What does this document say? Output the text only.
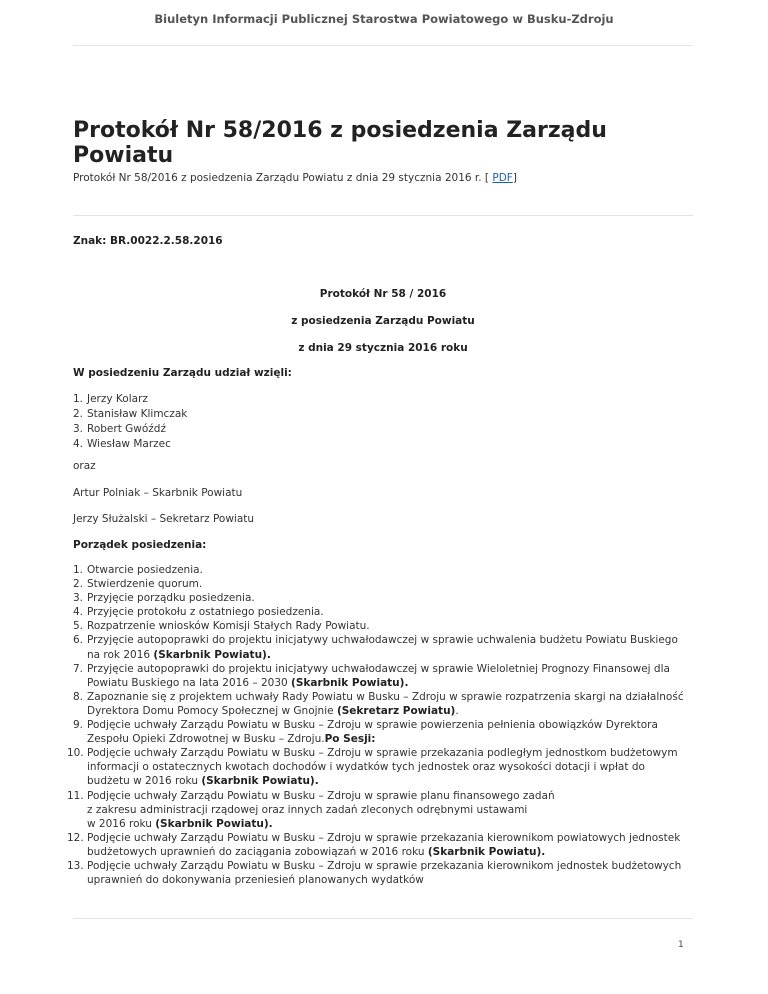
Biuletyn Informacji Publicznej Starostwa Powiatowego w Busku-Zdroju
Protokół Nr 58/2016 z posiedzenia Zarządu Powiatu
Protokół Nr 58/2016 z posiedzenia Zarządu Powiatu z dnia 29 stycznia 2016 r. [ PDF]
Znak: BR.0022.2.58.2016
Protokół Nr 58 / 2016
z posiedzenia Zarządu Powiatu
z dnia 29 stycznia 2016 roku
W posiedzeniu Zarządu udział wzięli:
1. Jerzy Kolarz
2. Stanisław Klimczak
3. Robert Gwóźdź
4. Wiesław Marzec
oraz
Artur Polniak – Skarbnik Powiatu
Jerzy Służalski – Sekretarz Powiatu
Porządek posiedzenia:
1. Otwarcie posiedzenia.
2. Stwierdzenie quorum.
3. Przyjęcie porządku posiedzenia.
4. Przyjęcie protokołu z ostatniego posiedzenia.
5. Rozpatrzenie wniosków Komisji Stałych Rady Powiatu.
6. Przyjęcie autopoprawki do projektu inicjatywy uchwałodawczej w sprawie uchwalenia budżetu Powiatu Buskiego
na rok 2016 (Skarbnik Powiatu).
7. Przyjęcie autopoprawki do projektu inicjatywy uchwałodawczej w sprawie Wieloletniej Prognozy Finansowej dla
Powiatu Buskiego na lata 2016 – 2030 (Skarbnik Powiatu).
8. Zapoznanie się z projektem uchwały Rady Powiatu w Busku – Zdroju w sprawie rozpatrzenia skargi na działalność
Dyrektora Domu Pomocy Społecznej w Gnojnie (Sekretarz Powiatu).
9. Podjęcie uchwały Zarządu Powiatu w Busku – Zdroju w sprawie powierzenia pełnienia obowiązków Dyrektora
Zespołu Opieki Zdrowotnej w Busku – Zdroju.Po Sesji:
10. Podjęcie uchwały Zarządu Powiatu w Busku – Zdroju w sprawie przekazania podległym jednostkom budżetowym
informacji o ostatecznych kwotach dochodów i wydatków tych jednostek oraz wysokości dotacji i wpłat do
budżetu w 2016 roku (Skarbnik Powiatu).
11. Podjęcie uchwały Zarządu Powiatu w Busku – Zdroju w sprawie planu finansowego zadań
z zakresu administracji rządowej oraz innych zadań zleconych odrębnymi ustawami
w 2016 roku (Skarbnik Powiatu).
12. Podjęcie uchwały Zarządu Powiatu w Busku – Zdroju w sprawie przekazania kierownikom powiatowych jednostek
budżetowych uprawnień do zaciągania zobowiązań w 2016 roku (Skarbnik Powiatu).
13. Podjęcie uchwały Zarządu Powiatu w Busku – Zdroju w sprawie przekazania kierownikom jednostek budżetowych
uprawnień do dokonywania przeniesień planowanych wydatków
1
